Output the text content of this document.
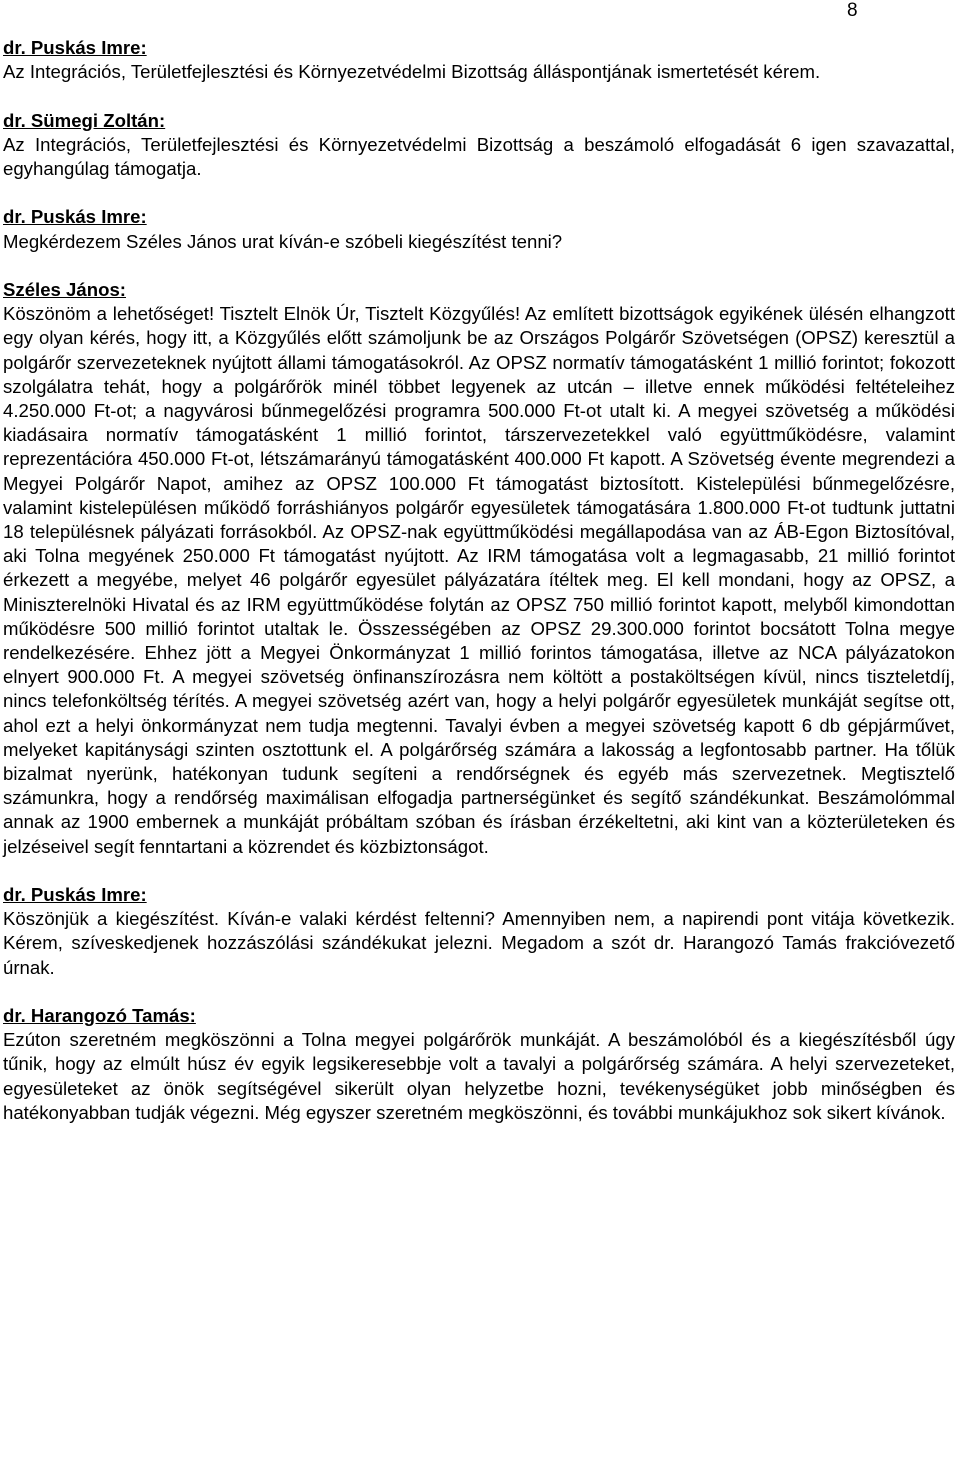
8
dr. Puskás Imre:
Az Integrációs, Területfejlesztési és Környezetvédelmi Bizottság álláspontjának ismertetését kérem.
dr. Sümegi Zoltán:
Az Integrációs, Területfejlesztési és Környezetvédelmi Bizottság a beszámoló elfogadását 6 igen szavazattal, egyhangúlag támogatja.
dr. Puskás Imre:
Megkérdezem Széles János urat kíván-e szóbeli kiegészítést tenni?
Széles János:
Köszönöm a lehetőséget! Tisztelt Elnök Úr, Tisztelt Közgyűlés! Az említett bizottságok egyikének ülésén elhangzott egy olyan kérés, hogy itt, a Közgyűlés előtt számoljunk be az Országos Polgárőr Szövetségen (OPSZ) keresztül a polgárőr szervezeteknek nyújtott állami támogatásokról. Az OPSZ normatív támogatásként 1 millió forintot; fokozott szolgálatra tehát, hogy a polgárőrök minél többet legyenek az utcán – illetve ennek működési feltételeihez 4.250.000 Ft-ot; a nagyvárosi bűnmegelőzési programra 500.000 Ft-ot utalt ki. A megyei szövetség a működési kiadásaira normatív támogatásként 1 millió forintot, társzervezetekkel való együttműködésre, valamint reprezentációra 450.000 Ft-ot, létszámarányú támogatásként 400.000 Ft kapott. A Szövetség évente megrendezi a Megyei Polgárőr Napot, amihez az OPSZ 100.000 Ft támogatást biztosított. Kistelepülési bűnmegelőzésre, valamint kistelepülésen működő forráshiányos polgárőr egyesületek támogatására 1.800.000 Ft-ot tudtunk juttatni 18 településnek pályázati forrásokból. Az OPSZ-nak együttműködési megállapodása van az ÁB-Egon Biztosítóval, aki Tolna megyének 250.000 Ft támogatást nyújtott. Az IRM támogatása volt a legmagasabb, 21 millió forintot érkezett a megyébe, melyet 46 polgárőr egyesület pályázatára ítéltek meg. El kell mondani, hogy az OPSZ, a Miniszterelnöki Hivatal és az IRM együttműködése folytán az OPSZ 750 millió forintot kapott, melyből kimondottan működésre 500 millió forintot utaltak le. Összességében az OPSZ 29.300.000 forintot bocsátott Tolna megye rendelkezésére. Ehhez jött a Megyei Önkormányzat 1 millió forintos támogatása, illetve az NCA pályázatokon elnyert 900.000 Ft. A megyei szövetség önfinanszírozásra nem költött a postaköltségen kívül, nincs tiszteletdíj, nincs telefonköltség térítés. A megyei szövetség azért van, hogy a helyi polgárőr egyesületek munkáját segítse ott, ahol ezt a helyi önkormányzat nem tudja megtenni. Tavalyi évben a megyei szövetség kapott 6 db gépjárművet, melyeket kapitánysági szinten osztottunk el. A polgárőrség számára a lakosság a legfontosabb partner. Ha tőlük bizalmat nyerünk, hatékonyan tudunk segíteni a rendőrségnek és egyéb más szervezetnek. Megtisztelő számunkra, hogy a rendőrség maximálisan elfogadja partnerségünket és segítő szándékunkat. Beszámolómmal annak az 1900 embernek a munkáját próbáltam szóban és írásban érzékeltetni, aki kint van a közterületeken és jelzéseivel segít fenntartani a közrendet és közbiztonságot.
dr. Puskás Imre:
Köszönjük a kiegészítést. Kíván-e valaki kérdést feltenni? Amennyiben nem, a napirendi pont vitája következik. Kérem, szíveskedjenek hozzászólási szándékukat jelezni. Megadom a szót dr. Harangozó Tamás frakcióvezető úrnak.
dr. Harangozó Tamás:
Ezúton szeretném megköszönni a Tolna megyei polgárőrök munkáját. A beszámolóból és a kiegészítésből úgy tűnik, hogy az elmúlt húsz év egyik legsikeresebbje volt a tavalyi a polgárőrség számára. A helyi szervezeteket, egyesületeket az önök segítségével sikerült olyan helyzetbe hozni, tevékenységüket jobb minőségben és hatékonyabban tudják végezni. Még egyszer szeretném megköszönni, és további munkájukhoz sok sikert kívánok.
